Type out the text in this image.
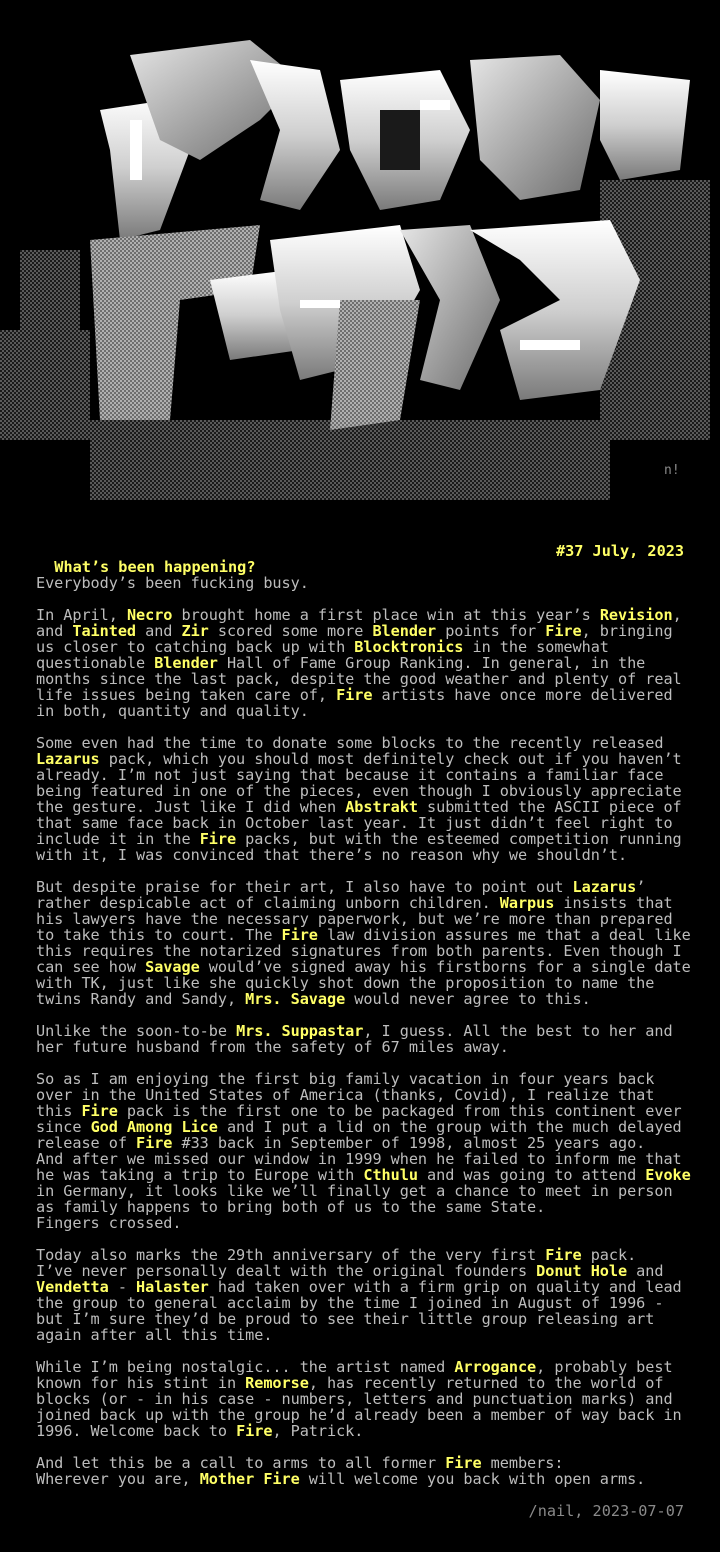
n!

What’s been happening?

#37 July, 2023

Everybody’s been fucking busy.
In April, Necro brought home a first place win at this year’s Revision,
and Tainted and Zir scored some more Blender points for Fire, bringing
us closer to catching back up with Blocktronics in the somewhat
questionable Blender Hall of Fame Group Ranking. In general, in the
months since the last pack, despite the good weather and plenty of real
life issues being taken care of, Fire artists have once more delivered
in both, quantity and quality.
Some even had the time to donate some blocks to the recently released
Lazarus pack, which you should most definitely check out if you haven’t
already. I’m not just saying that because it contains a familiar face
being featured in one of the pieces, even though I obviously appreciate
the gesture. Just like I did when Abstrakt submitted the ASCII piece of
that same face back in October last year. It just didn’t feel right to
include it in the Fire packs, but with the esteemed competition running
with it, I was convinced that there’s no reason why we shouldn’t.
But despite praise for their art, I also have to point out Lazarus’
rather despicable act of claiming unborn children. Warpus insists that
his lawyers have the necessary paperwork, but we’re more than prepared
to take this to court. The Fire law division assures me that a deal like
this requires the notarized signatures from both parents. Even though I
can see how Savage would’ve signed away his firstborns for a single date
with TK, just like she quickly shot down the proposition to name the
twins Randy and Sandy, Mrs. Savage would never agree to this.
Unlike the soon-to-be Mrs. Suppastar, I guess. All the best to her and
her future husband from the safety of 67 miles away.
So as I am enjoying the first big family vacation in four years back
over in the United States of America (thanks, Covid), I realize that
this Fire pack is the first one to be packaged from this continent ever
since God Among Lice and I put a lid on the group with the much delayed
release of Fire #33 back in September of 1998, almost 25 years ago.
And after we missed our window in 1999 when he failed to inform me that
he was taking a trip to Europe with Cthulu and was going to attend Evoke
in Germany, it looks like we’ll finally get a chance to meet in person
as family happens to bring both of us to the same State.
Fingers crossed.
Today also marks the 29th anniversary of the very first Fire pack.
I’ve never personally dealt with the original founders Donut Hole and
Vendetta - Halaster had taken over with a firm grip on quality and lead
the group to general acclaim by the time I joined in August of 1996 -
but I’m sure they’d be proud to see their little group releasing art
again after all this time.
While I’m being nostalgic... the artist named Arrogance, probably best
known for his stint in Remorse, has recently returned to the world of
blocks (or - in his case - numbers, letters and punctuation marks) and
joined back up with the group he’d already been a member of way back in
1996. Welcome back to Fire, Patrick.
And let this be a call to arms to all former Fire members:
Wherever you are, Mother Fire will welcome you back with open arms.
/nail, 2023-07-07
